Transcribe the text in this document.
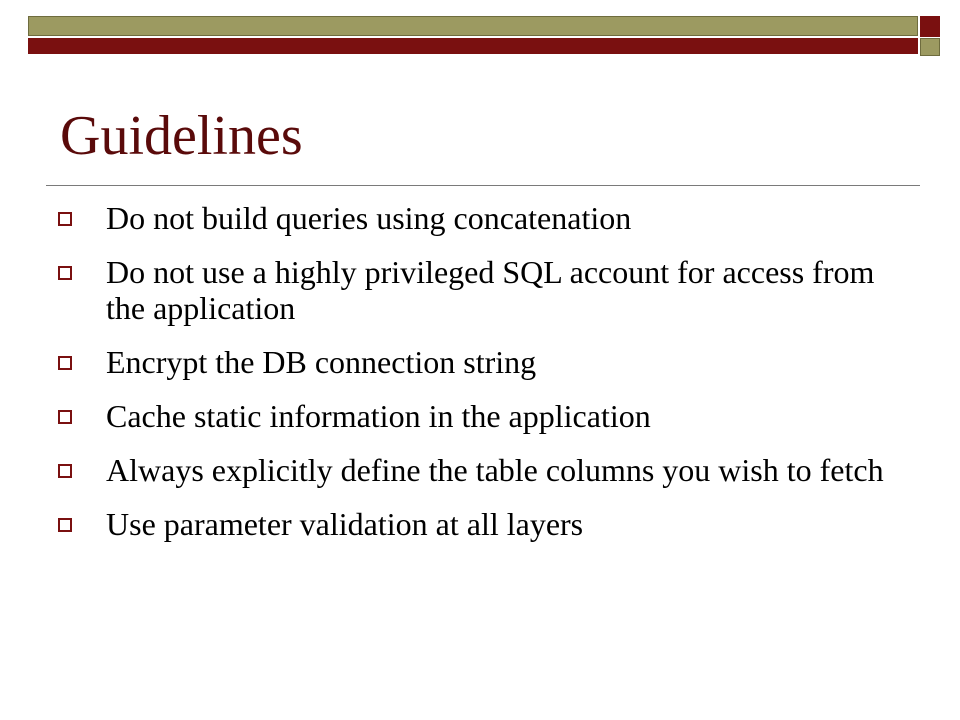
Guidelines
Do not build queries using concatenation
Do not use a highly privileged SQL account for access from the application
Encrypt the DB connection string
Cache static information in the application
Always explicitly define the table columns you wish to fetch
Use parameter validation at all layers
